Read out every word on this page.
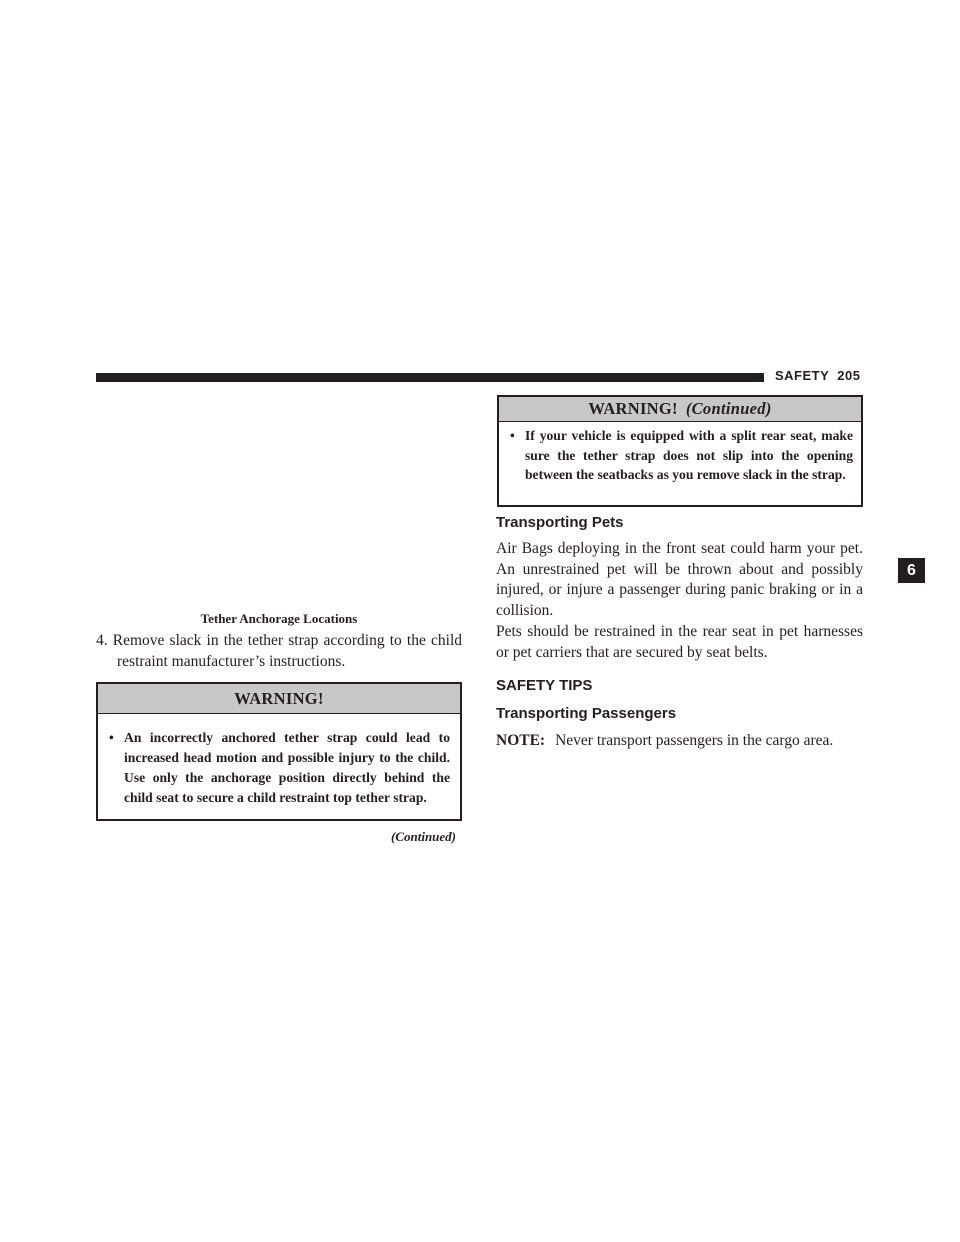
SAFETY 205
6
Tether Anchorage Locations
4. Remove slack in the tether strap according to the child restraint manufacturer’s instructions.
WARNING!
• An incorrectly anchored tether strap could lead to increased head motion and possible injury to the child. Use only the anchorage position directly behind the child seat to secure a child restraint top tether strap.
(Continued)
WARNING! (Continued)
• If your vehicle is equipped with a split rear seat, make sure the tether strap does not slip into the opening between the seatbacks as you remove slack in the strap.
Transporting Pets
Air Bags deploying in the front seat could harm your pet. An unrestrained pet will be thrown about and possibly injured, or injure a passenger during panic braking or in a collision.
Pets should be restrained in the rear seat in pet harnesses or pet carriers that are secured by seat belts.
SAFETY TIPS
Transporting Passengers
NOTE: Never transport passengers in the cargo area.
